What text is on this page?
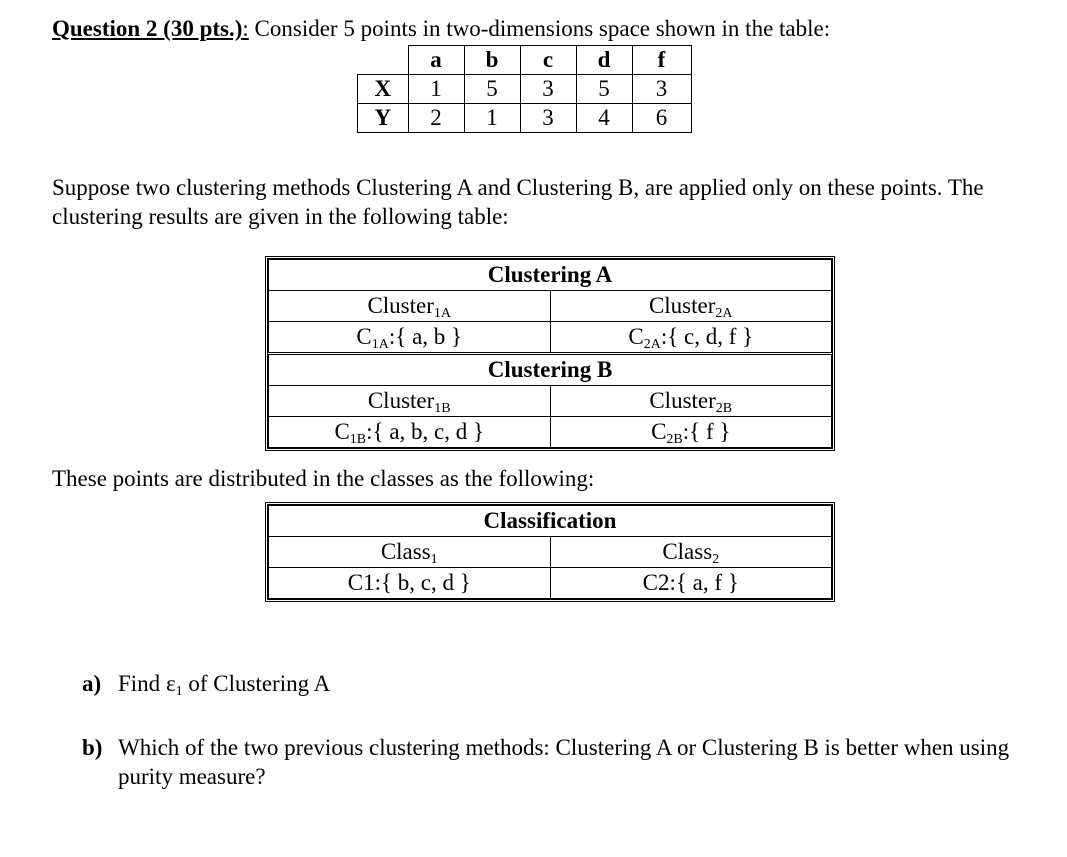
Question 2 (30 pts.): Consider 5 points in two-dimensions space shown in the table:
	a	b	c	d	f
X	1	5	3	5	3
Y	2	1	3	4	6
Suppose two clustering methods Clustering A and Clustering B, are applied only on these points. The clustering results are given in the following table:
Clustering A	
Cluster$_{1A}$	Cluster$_{2A}$
$C_{1A}$:{ a, b }	$C_{2A}$:{ c, d, f }
Clustering B	
Cluster$_{1B}$	Cluster$_{2B}$
$C_{1B}$:{ a, b, c, d }	$C_{2B}$:{ f }
These points are distributed in the classes as the following:
Classification	
Class$_1$	Class$_2$
C1:{ b, c, d }	C2:{ a, f }
a) Find $\varepsilon_1$ of Clustering A
b) Which of the two previous clustering methods: Clustering A or Clustering B is better when using purity measure?
